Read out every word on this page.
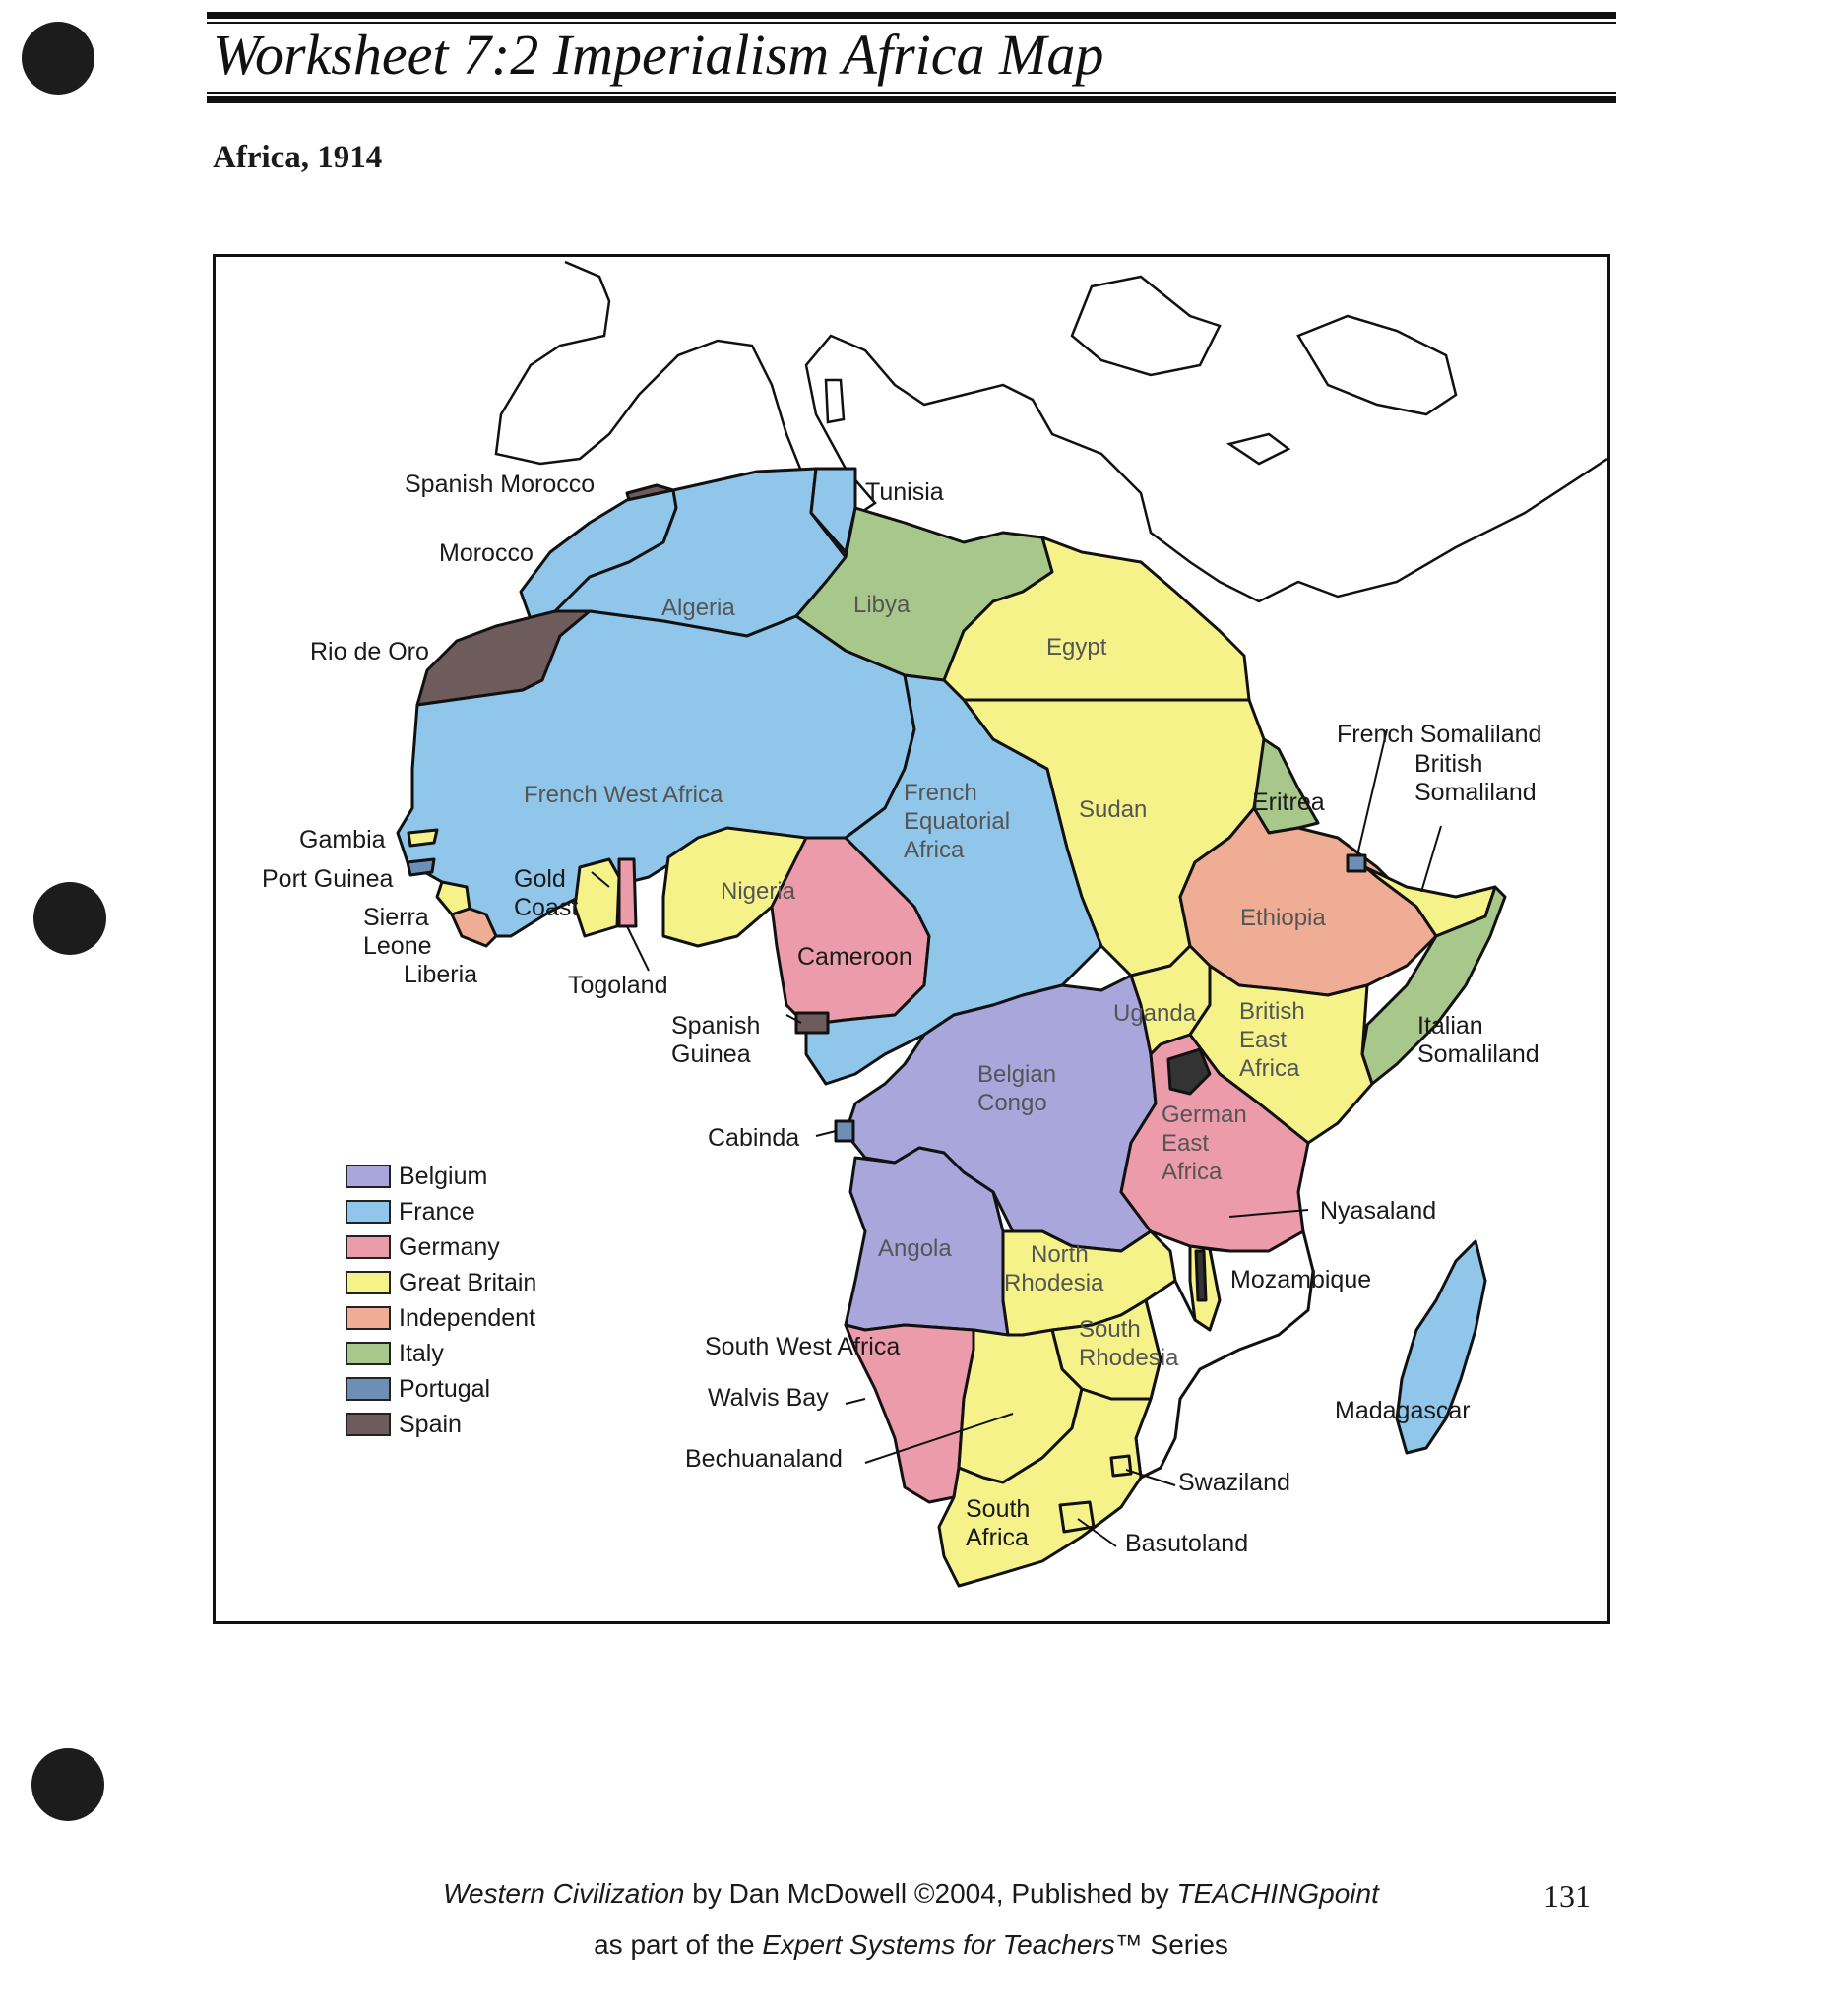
Worksheet 7:2 Imperialism Africa Map
Africa, 1914
Spanish Morocco	Tunisia
Morocco
Algeria	Libya
Egypt
Rio de Oro
French Somaliland
British Somaliland
French West Africa	French Equatorial Africa
Sudan	Eritrea
Gambia
Port Guinea
Sierra Leone
Liberia
Gold Coast
Togoland
Nigeria
Cameroon
Ethiopia
Spanish Guinea
Uganda British East Africa
Italian Somaliland
Belgian Congo	German East Africa
Cabinda
Nyasaland
Angola	North Rhodesia	Mozambique
South West Africa
South Rhodesia
Walvis Bay	Madagascar
Bechuanaland
Swaziland
South Africa	Basutoland
Belgium
France
Germany
Great Britain
Independent
Italy
Portugal
Spain
Western Civilization by Dan McDowell ©2004, Published by TEACHINGpoint
as part of the Expert Systems for Teachers™ Series
131
